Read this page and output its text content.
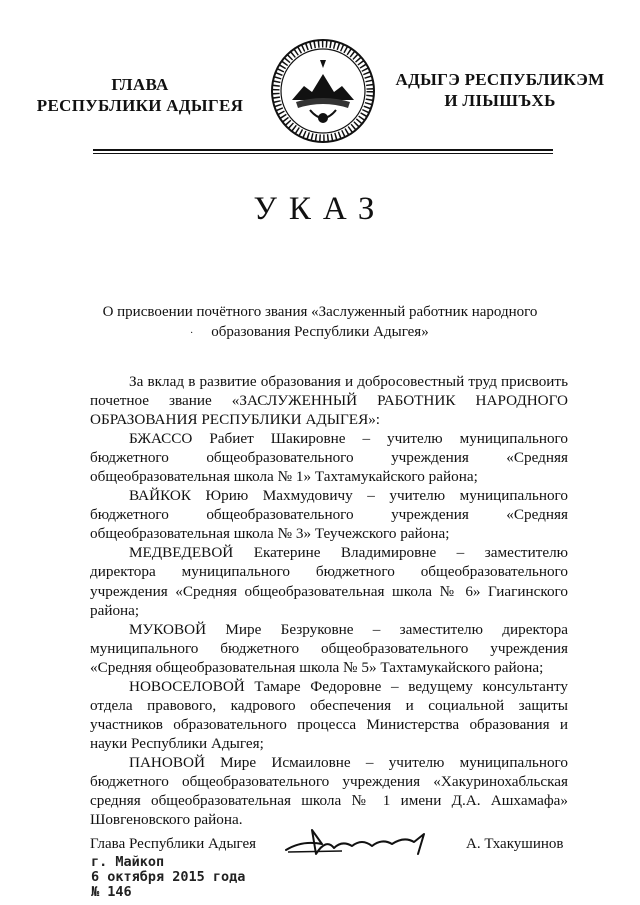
ГЛАВА
РЕСПУБЛИКИ АДЫГЕЯ
АДЫГЭ РЕСПУБЛИКЭМ
И ЛІЫШЪХЬ
УКАЗ
О присвоении почётного звания «Заслуженный работник народного
образования Республики Адыгея»
·

За вклад в развитие образования и добросовестный труд присвоить почетное звание «ЗАСЛУЖЕННЫЙ РАБОТНИК НАРОДНОГО ОБРАЗОВАНИЯ РЕСПУБЛИКИ АДЫГЕЯ»:

БЖАССО Рабиет Шакировне – учителю муниципального бюджетного общеобразовательного учреждения «Средняя общеобразовательная школа № 1» Тахтамукайского района;

ВАЙКОК Юрию Махмудовичу – учителю муниципального бюджетного общеобразовательного учреждения «Средняя общеобразовательная школа № 3» Теучежского района;

МЕДВЕДЕВОЙ Екатерине Владимировне – заместителю директора муниципального бюджетного общеобразовательного учреждения «Средняя общеобразовательная школа № 6» Гиагинского района;

МУКОВОЙ Мире Безруковне – заместителю директора муниципального бюджетного общеобразовательного учреждения «Средняя общеобразовательная школа № 5» Тахтамукайского района;

НОВОСЕЛОВОЙ Тамаре Федоровне – ведущему консультанту отдела правового, кадрового обеспечения и социальной защиты участников образовательного процесса Министерства образования и науки Республики Адыгея;

ПАНОВОЙ Мире Исмаиловне – учителю муниципального бюджетного общеобразовательного учреждения «Хакуринохабльская средняя общеобразовательная школа № 1 имени Д.А. Ашхамафа» Шовгеновского района.

Глава Республики Адыгея	А. Тхакушинов
г. Майкоп
6 октября 2015 года
№ 146
